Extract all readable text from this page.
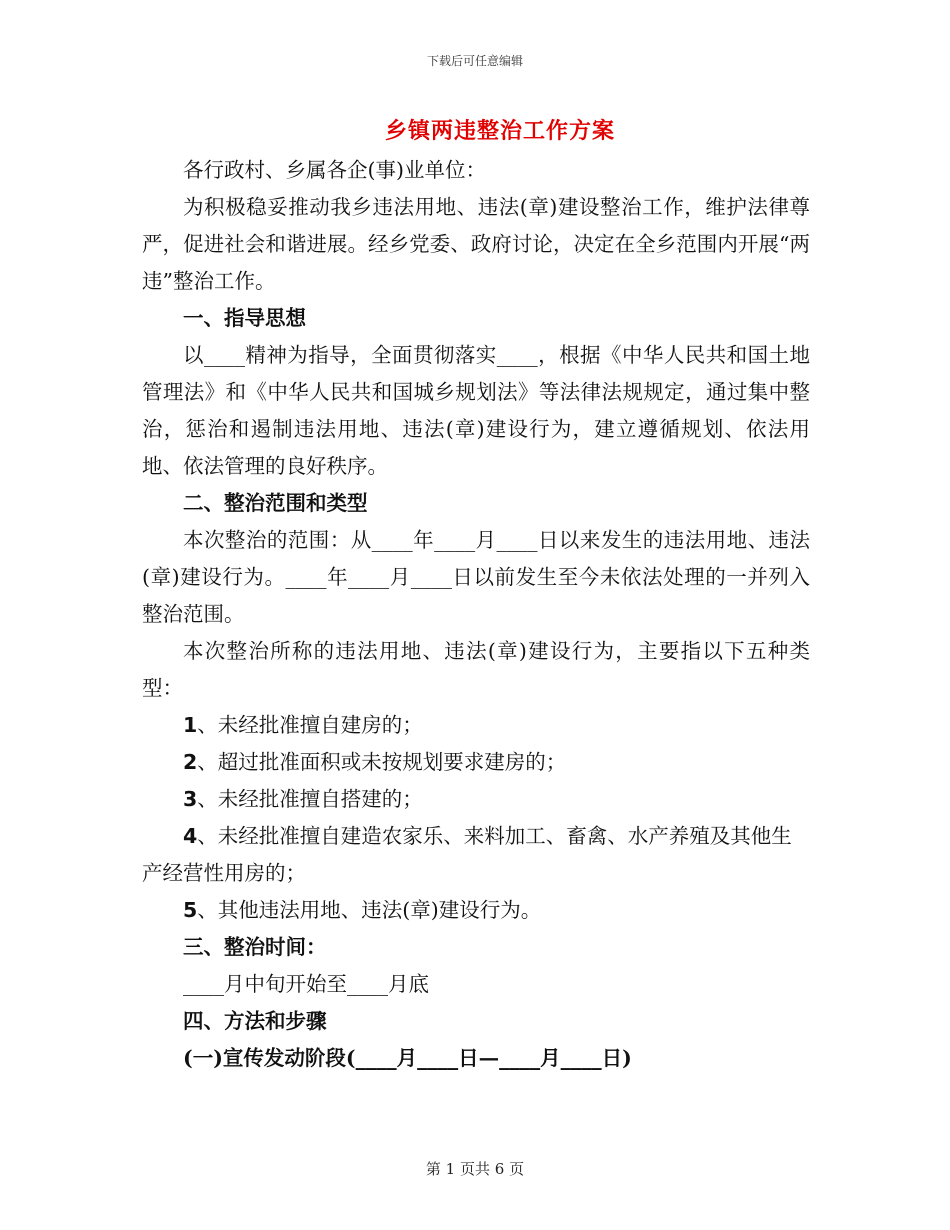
下载后可任意编辑
乡镇两违整治工作方案

各行政村、乡属各企(事)业单位：

为积极稳妥推动我乡违法用地、违法(章)建设整治工作，维护法律尊严，促进社会和谐进展。经乡党委、政府讨论，决定在全乡范围内开展“两违”整治工作。

一、指导思想

以____精神为指导，全面贯彻落实____，根据《中华人民共和国土地管理法》和《中华人民共和国城乡规划法》等法律法规规定，通过集中整治，惩治和遏制违法用地、违法(章)建设行为，建立遵循规划、依法用地、依法管理的良好秩序。

二、整治范围和类型

本次整治的范围：从____年____月____日以来发生的违法用地、违法(章)建设行为。____年____月____日以前发生至今未依法处理的一并列入整治范围。

本次整治所称的违法用地、违法(章)建设行为，主要指以下五种类型：

1、未经批准擅自建房的；

2、超过批准面积或未按规划要求建房的；

3、未经批准擅自搭建的；

4、未经批准擅自建造农家乐、来料加工、畜禽、水产养殖及其他生产经营性用房的；

5、其他违法用地、违法(章)建设行为。

三、整治时间：

____月中旬开始至____月底

四、方法和步骤

(一)宣传发动阶段(____月____日—____月____日)

第 1 页共 6 页
